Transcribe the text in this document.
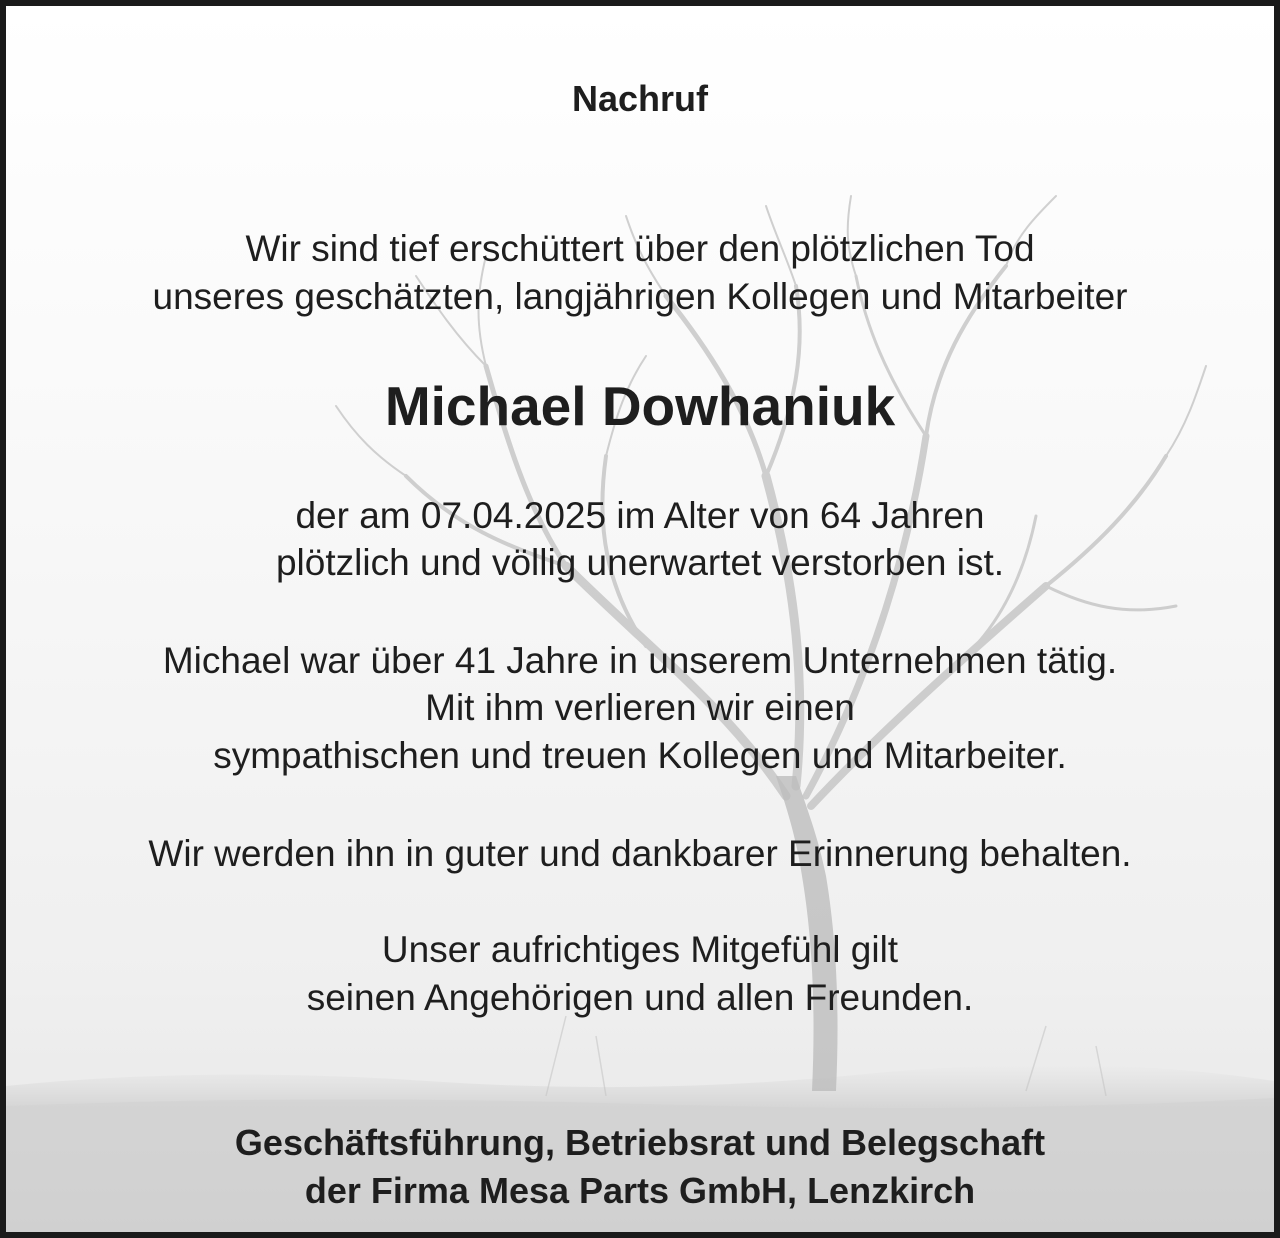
Nachruf
Wir sind tief erschüttert über den plötzlichen Tod
unseres geschätzten, langjährigen Kollegen und Mitarbeiter
Michael Dowhaniuk
der am 07.04.2025 im Alter von 64 Jahren
plötzlich und völlig unerwartet verstorben ist.
Michael war über 41 Jahre in unserem Unternehmen tätig.
Mit ihm verlieren wir einen
sympathischen und treuen Kollegen und Mitarbeiter.
Wir werden ihn in guter und dankbarer Erinnerung behalten.
Unser aufrichtiges Mitgefühl gilt
seinen Angehörigen und allen Freunden.
Geschäftsführung, Betriebsrat und Belegschaft
der Firma Mesa Parts GmbH, Lenzkirch
